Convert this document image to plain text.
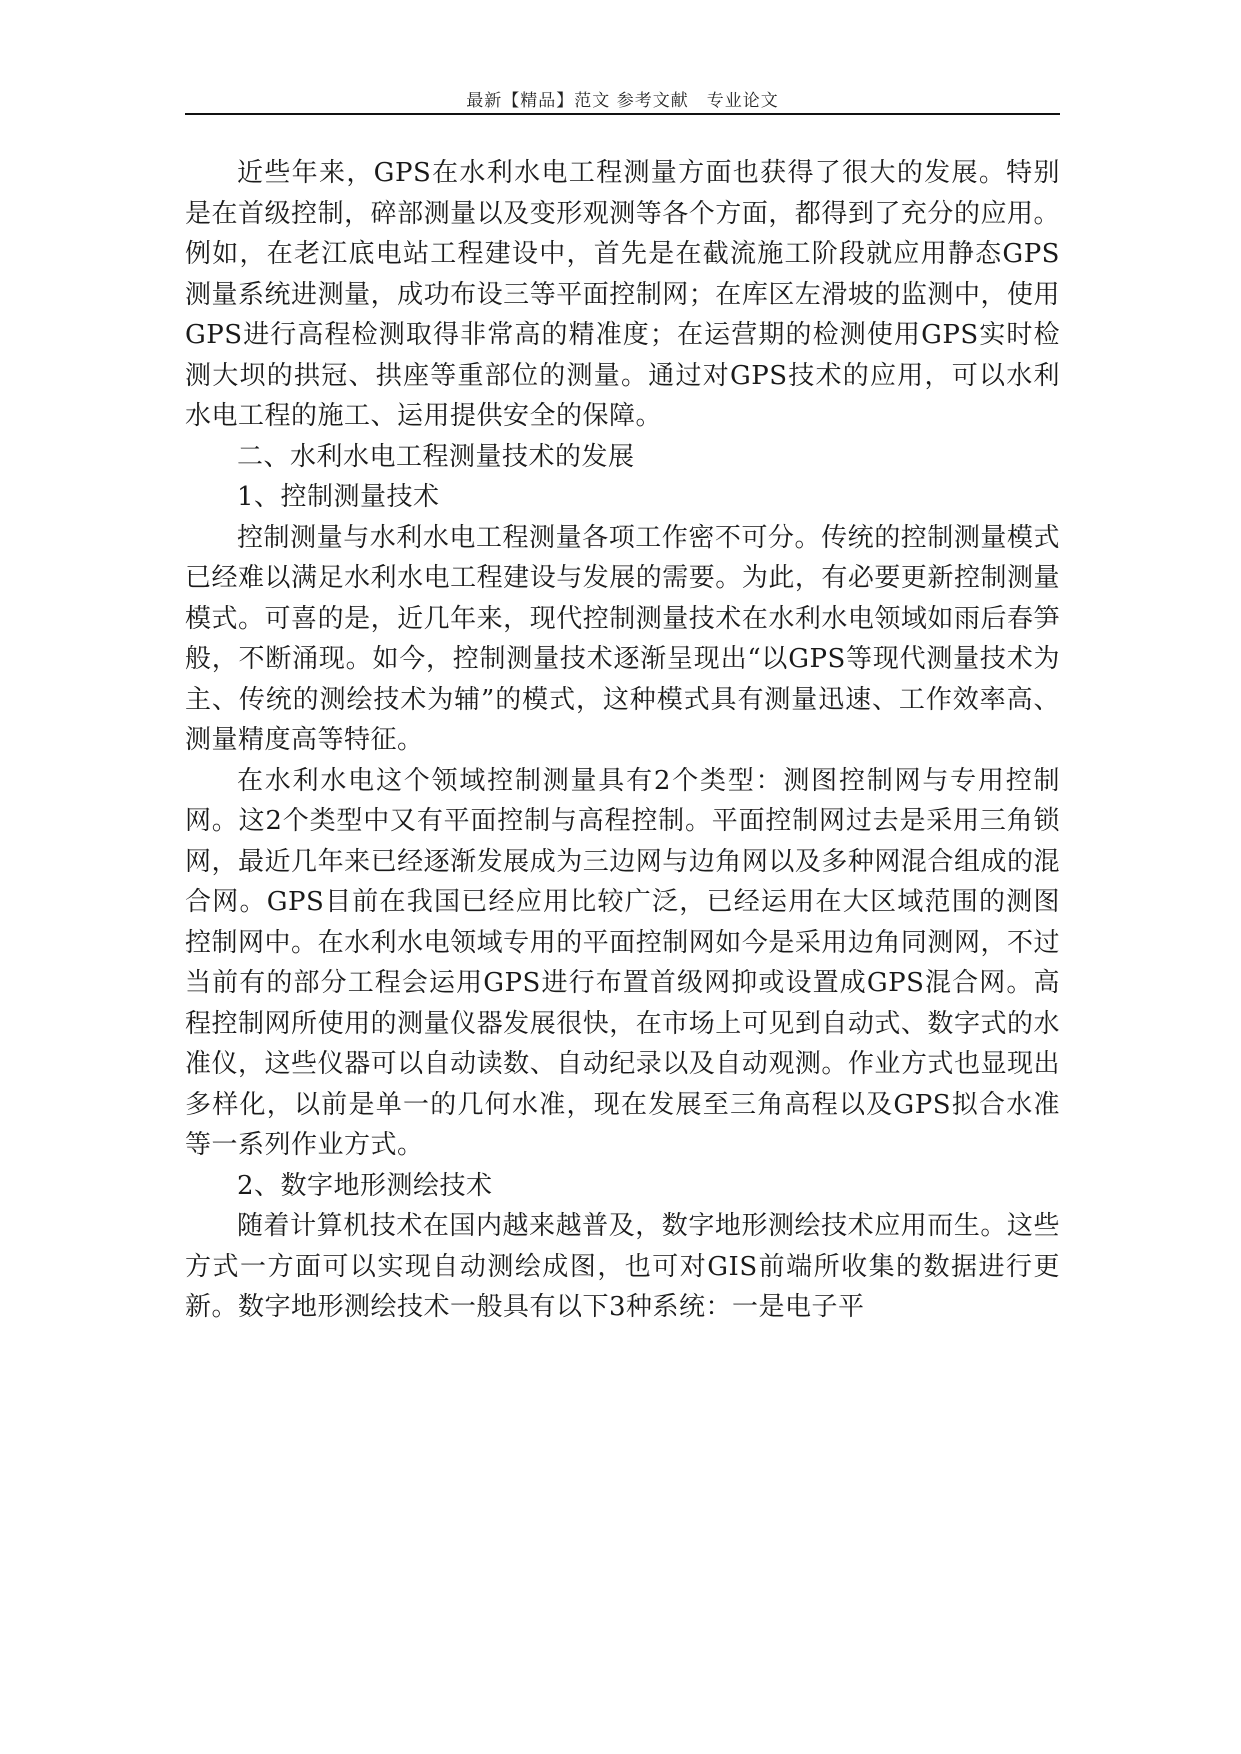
最新【精品】范文 参考文献　专业论文

近些年来，GPS在水利水电工程测量方面也获得了很大的发展。特别是在首级控制，碎部测量以及变形观测等各个方面，都得到了充分的应用。例如，在老江底电站工程建设中，首先是在截流施工阶段就应用静态GPS测量系统进测量，成功布设三等平面控制网；在库区左滑坡的监测中，使用GPS进行高程检测取得非常高的精准度；在运营期的检测使用GPS实时检测大坝的拱冠、拱座等重部位的测量。通过对GPS技术的应用，可以水利水电工程的施工、运用提供安全的保障。

二、水利水电工程测量技术的发展

1、控制测量技术

控制测量与水利水电工程测量各项工作密不可分。传统的控制测量模式已经难以满足水利水电工程建设与发展的需要。为此，有必要更新控制测量模式。可喜的是，近几年来，现代控制测量技术在水利水电领域如雨后春笋般，不断涌现。如今，控制测量技术逐渐呈现出“以GPS等现代测量技术为主、传统的测绘技术为辅”的模式，这种模式具有测量迅速、工作效率高、测量精度高等特征。

在水利水电这个领域控制测量具有2个类型：测图控制网与专用控制网。这2个类型中又有平面控制与高程控制。平面控制网过去是采用三角锁网，最近几年来已经逐渐发展成为三边网与边角网以及多种网混合组成的混合网。GPS目前在我国已经应用比较广泛，已经运用在大区域范围的测图控制网中。在水利水电领域专用的平面控制网如今是采用边角同测网，不过当前有的部分工程会运用GPS进行布置首级网抑或设置成GPS混合网。高程控制网所使用的测量仪器发展很快，在市场上可见到自动式、数字式的水准仪，这些仪器可以自动读数、自动纪录以及自动观测。作业方式也显现出多样化，以前是单一的几何水准，现在发展至三角高程以及GPS拟合水准等一系列作业方式。

2、数字地形测绘技术

随着计算机技术在国内越来越普及，数字地形测绘技术应用而生。这些方式一方面可以实现自动测绘成图，也可对GIS前端所收集的数据进行更新。数字地形测绘技术一般具有以下3种系统：一是电子平
